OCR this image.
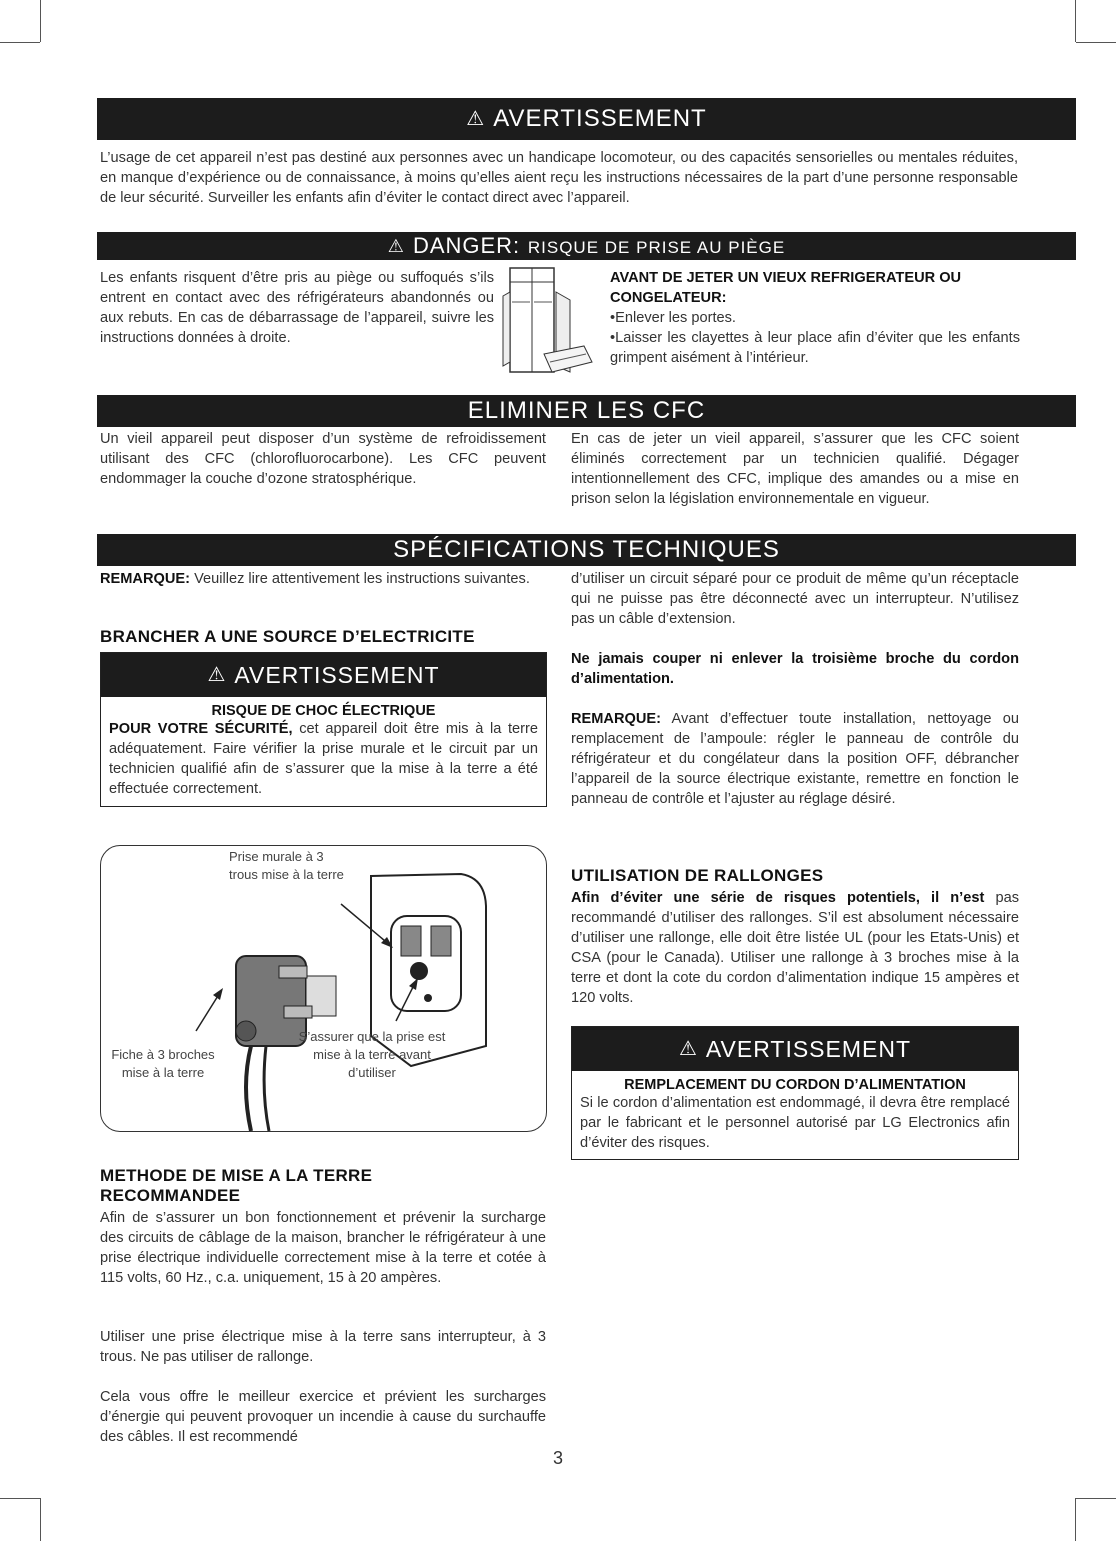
⚠ AVERTISSEMENT
L’usage de cet appareil n’est pas destiné aux personnes avec un handicape locomoteur, ou des capacités sensorielles ou mentales réduites, en manque d’expérience ou de connaissance, à moins qu’elles aient reçu les instructions nécessaires de la part d’une personne responsable de leur sécurité. Surveiller les enfants afin d’éviter le contact direct avec l’appareil.
⚠ DANGER: RISQUE DE PRISE AU PIÈGE
Les enfants risquent d’être pris au piège ou suffoqués s’ils entrent en contact avec des réfrigérateurs abandonnés ou aux rebuts. En cas de débarrassage de l’appareil, suivre les instructions données à droite.
AVANT DE JETER UN VIEUX REFRIGERATEUR OU CONGELATEUR:
•Enlever les portes.
•Laisser les clayettes à leur place afin d’éviter que les enfants grimpent aisément à l’intérieur.
ELIMINER LES CFC
Un vieil appareil peut disposer d’un système de refroidissement utilisant des CFC (chlorofluorocarbone). Les CFC peuvent endommager la couche d’ozone stratosphérique.
En cas de jeter un vieil appareil, s’assurer que les CFC soient éliminés correctement par un technicien qualifié. Dégager intentionnellement des CFC, implique des amandes ou a mise en prison selon la législation environnementale en vigueur.
SPÉCIFICATIONS TECHNIQUES
REMARQUE: Veuillez lire attentivement les instructions suivantes.
BRANCHER A UNE SOURCE D’ELECTRICITE
⚠ AVERTISSEMENT
RISQUE DE CHOC ÉLECTRIQUE
POUR VOTRE SÉCURITÉ, cet appareil doit être mis à la terre adéquatement. Faire vérifier la prise murale et le circuit par un technicien qualifié afin de s’assurer que la mise à la terre a été effectuée correctement.
Prise murale à 3 trous mise à la terre
Fiche à 3 broches mise à la terre
S’assurer que la prise est mise à la terre avant d’utiliser
METHODE DE MISE A LA TERRE RECOMMANDEE
Afin de s’assurer un bon fonctionnement et prévenir la surcharge des circuits de câblage de la maison, brancher le réfrigérateur à une prise électrique individuelle correctement mise à la terre et cotée à 115 volts, 60 Hz., c.a. uniquement, 15 à 20 ampères.
Utiliser une prise électrique mise à la terre sans interrupteur, à 3 trous. Ne pas utiliser de rallonge.
Cela vous offre le meilleur exercice et prévient les surcharges d’énergie qui peuvent provoquer un incendie à cause du surchauffe des câbles. Il est recommendé
d’utiliser un circuit séparé pour ce produit de même qu’un réceptacle qui ne puisse pas être déconnecté avec un interrupteur. N’utilisez pas un câble d’extension.
Ne jamais couper ni enlever la troisième broche du cordon d’alimentation.
REMARQUE: Avant d’effectuer toute installation, nettoyage ou remplacement de l’ampoule: régler le panneau de contrôle du réfrigérateur et du congélateur dans la position OFF, débrancher l’appareil de la source électrique existante, remettre en fonction le panneau de contrôle et l’ajuster au réglage désiré.
UTILISATION DE RALLONGES
Afin d’éviter une série de risques potentiels, il n’est pas recommandé d’utiliser des rallonges. S’il est absolument nécessaire d’utiliser une rallonge, elle doit être listée UL (pour les Etats-Unis) et CSA (pour le Canada). Utiliser une rallonge à 3 broches mise à la terre et dont la cote du cordon d’alimentation indique 15 ampères et 120 volts.
⚠ AVERTISSEMENT
REMPLACEMENT DU CORDON D’ALIMENTATION
Si le cordon d’alimentation est endommagé, il devra être remplacé par le fabricant et le personnel autorisé par LG Electronics afin d’éviter des risques.
3
